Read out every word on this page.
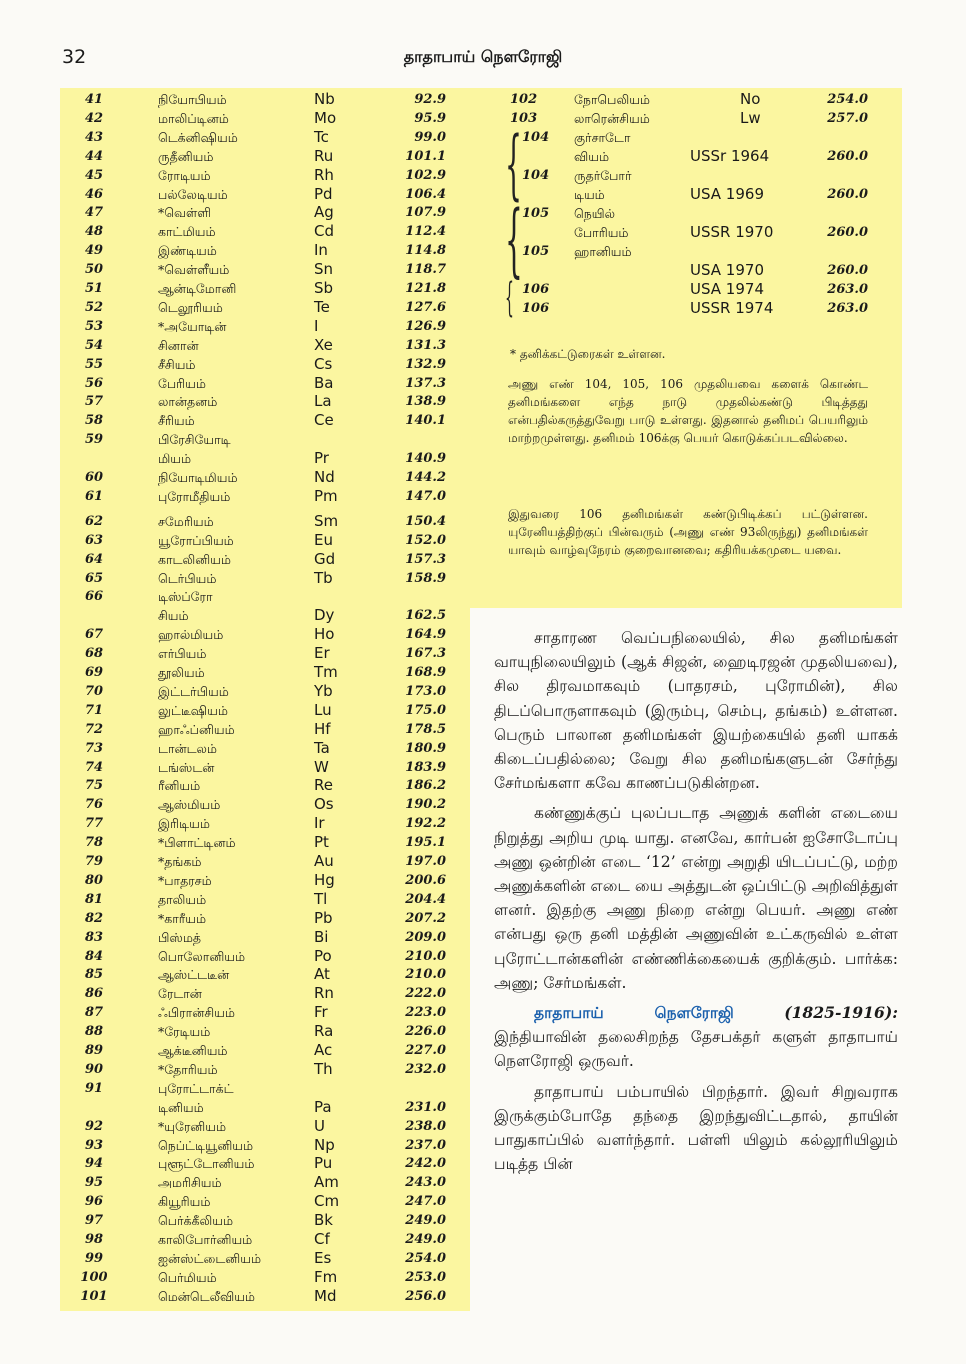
32	தாதாபாய் நௌரோஜி
41	நியோபியம்	Nb	92.9
42	மாலிப்டினம்	Mo	95.9
43	டெக்னிஷியம்	Tc	99.0
44	ருதீனியம்	Ru	101.1
45	ரோடியம்	Rh	102.9
46	பல்லேடியம்	Pd	106.4
47	*வெள்ளி	Ag	107.9
48	காட்மியம்	Cd	112.4
49	இண்டியம்	In	114.8
50	*வெள்ளீயம்	Sn	118.7
51	ஆன்டிமோனி	Sb	121.8
52	டெலூரியம்	Te	127.6
53	*அயோடின்	I	126.9
54	சினான்	Xe	131.3
55	சீசியம்	Cs	132.9
56	பேரியம்	Ba	137.3
57	லான்தனம்	La	138.9
58	சீரியம்	Ce	140.1
59	பிரேசியோடி
மியம்	Pr	140.9
60	நியோடிமியம்	Nd	144.2
61	புரோமீதியம்	Pm	147.0
62	சமேரியம்	Sm	150.4
63	யூரோப்பியம்	Eu	152.0
64	காடலினியம்	Gd	157.3
65	டெர்பியம்	Tb	158.9
66	டிஸ்ப்ரோ
சியம்	Dy	162.5
67	ஹால்மியம்	Ho	164.9
68	எர்பியம்	Er	167.3
69	தூலியம்	Tm	168.9
70	இட்டர்பியம்	Yb	173.0
71	லுட்டீஷியம்	Lu	175.0
72	ஹாஃப்னியம்	Hf	178.5
73	டான்டலம்	Ta	180.9
74	டங்ஸ்டன்	W	183.9
75	ரீனியம்	Re	186.2
76	ஆஸ்மியம்	Os	190.2
77	இரிடியம்	Ir	192.2
78	*பிளாட்டினம்	Pt	195.1
79	*தங்கம்	Au	197.0
80	*பாதரசம்	Hg	200.6
81	தாலியம்	Tl	204.4
82	*காரீயம்	Pb	207.2
83	பிஸ்மத்	Bi	209.0
84	பொலோனியம்	Po	210.0
85	ஆஸ்ட்டடீன்	At	210.0
86	ரேடான்	Rn	222.0
87	ஃபிரான்சியம்	Fr	223.0
88	*ரேடியம்	Ra	226.0
89	ஆக்டீனியம்	Ac	227.0
90	*தோரியம்	Th	232.0
91	புரோட்டாக்ட்
டினியம்	Pa	231.0
92	*யுரேனியம்	U	238.0
93	நெப்ட்டியூனியம்	Np	237.0
94	புளூட்டோனியம்	Pu	242.0
95	அமரிசியம்	Am	243.0
96	கியூரியம்	Cm	247.0
97	பெர்க்கீலியம்	Bk	249.0
98	காலிபோர்னியம்	Cf	249.0
99	ஐன்ஸ்ட்டைனியம்	Es	254.0
100	பெர்மியம்	Fm	253.0
101	மென்டெலீவியம்	Md	256.0
{
{
{
* தனிக்கட்டுரைகள் உள்ளன.
அணு எண் 104, 105, 106 முதலியவை களைக் கொண்ட தனிமங்களை எந்த நாடு முதலில்கண்டு பிடித்தது என்பதில்கருத்துவேறு பாடு உள்ளது. இதனால் தனிமப் பெயரிலும் மாற்றமுள்ளது. தனிமம் 106க்கு பெயர் கொடுக்கப்படவில்லை.
இதுவரை 106 தனிமங்கள் கண்டுபிடிக்கப் பட்டுள்ளன. யுரேனியத்திற்குப் பின்வரும் (அணு எண் 93லிருந்து) தனிமங்கள் யாவும் வாழ்வுநேரம் குறைவானவை; கதிரியக்கமுடை யவை.
102	நோபெலியம்	No	254.0
103	லாரென்சியம்	Lw	257.0
104 குர்சாடோ
வியம்	USSr 1964	260.0
104 ருதர்போர்
டியம்	USA 1969	260.0
105 நெயில்
போரியம்	USSR 1970	260.0
105 ஹானியம்
USA 1970	260.0
106	USA 1974	263.0
106	USSR 1974	263.0

சாதாரண வெப்பநிலையில், சில தனிமங்கள் வாயுநிலையிலும் (ஆக் சிஜன், ஹைடிரஜன் முதலியவை), சில திரவமாகவும் (பாதரசம், புரோமின்), சில திடப்பொருளாகவும் (இரும்பு, செம்பு, தங்கம்) உள்ளன. பெரும் பாலான தனிமங்கள் இயற்கையில் தனி யாகக் கிடைப்பதில்லை; வேறு சில தனிமங்களுடன் சேர்ந்து சேர்மங்களா கவே காணப்படுகின்றன.

கண்ணுக்குப் புலப்படாத அணுக் களின் எடையை நிறுத்து அறிய முடி யாது. எனவே, கார்பன் ஐசோடோப்பு அணு ஒன்றின் எடை ‘12’ என்று அறுதி யிடப்பட்டு, மற்ற அணுக்களின் எடை யை அத்துடன் ஒப்பிட்டு அறிவித்துள் ளனர். இதற்கு அணு நிறை என்று பெயர். அணு எண் என்பது ஒரு தனி மத்தின் அணுவின் உட்கருவில் உள்ள புரோட்டான்களின் எண்ணிக்கையைக் குறிக்கும். பார்க்க: அணு; சேர்மங்கள்.

தாதாபாய் நௌரோஜி	(1825-1916): இந்தியாவின் தலைசிறந்த தேசபக்தர் களுள் தாதாபாய் நௌரோஜி ஒருவர்.

தாதாபாய் பம்பாயில் பிறந்தார். இவர் சிறுவராக இருக்கும்போதே தந்தை இறந்துவிட்டதால், தாயின் பாதுகாப்பில் வளர்ந்தார். பள்ளி யிலும் கல்லூரியிலும் படித்த பின்
